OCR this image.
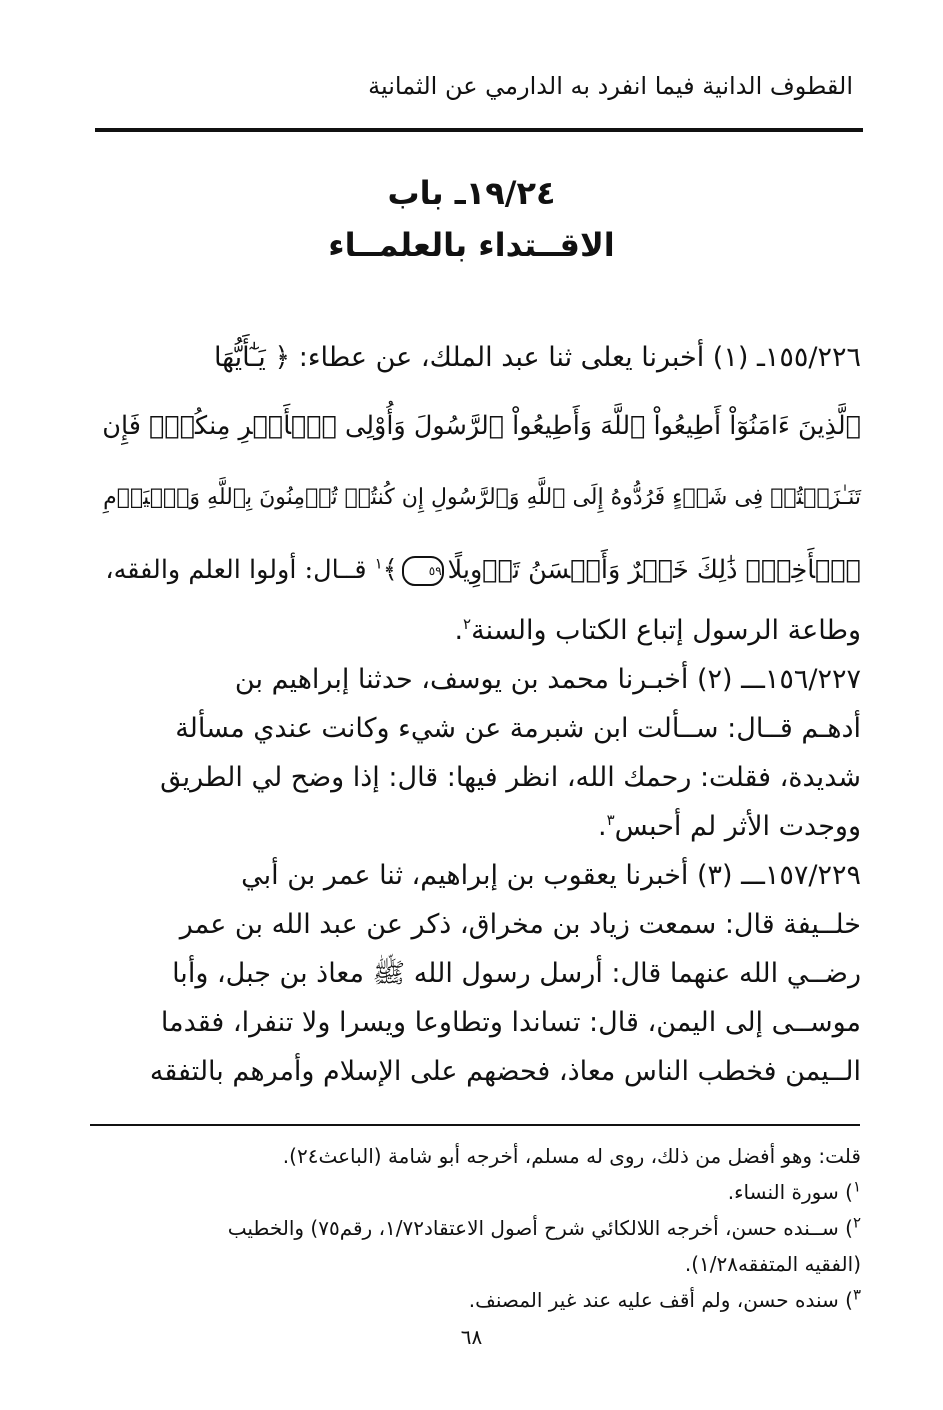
القطوف الدانية فيما انفرد به الدارمي عن الثمانية
١٩/٢٤ـ باب
الاقــتداء بالعلمــاء
١٥٥/٢٢٦ـ (١) أخبرنا يعلى ثنا عبد الملك، عن عطاء: ﴿ يَـٰٓأَيُّهَا
ٱلَّذِينَ ءَامَنُوٓاْ أَطِيعُواْ ٱللَّهَ وَأَطِيعُواْ ٱلرَّسُولَ وَأُوْلِى ٱلۡأَمۡرِ مِنكُمۡۖ فَإِن
تَنَـٰزَعۡتُمۡ فِى شَىۡءٍ فَرُدُّوهُ إِلَى ٱللَّهِ وَٱلرَّسُولِ إِن كُنتُمۡ تُؤۡمِنُونَ بِٱللَّهِ وَٱلۡيَوۡمِ
ٱلۡأَخِرِۚ ذَٰلِكَ خَيۡرٌ وَأَحۡسَنُ تَأۡوِيلًا٥٩﴾$^١$ قــال: أولوا العلم والفقه،
وطاعة الرسول إتباع الكتاب والسنة$^٢$.
١٥٦/٢٢٧ـــ (٢) أخبـرنا محمد بن يوسف، حدثنا إبراهيم بن
أدهـم قــال: ســألت ابن شبرمة عن شيء وكانت عندي مسألة
شديدة، فقلت: رحمك الله، انظر فيها: قال: إذا وضح لي الطريق
ووجدت الأثر لم أحبس$^٣$.
١٥٧/٢٢٩ـــ (٣) أخبرنا يعقوب بن إبراهيم، ثنا عمر بن أبي
خلــيفة قال: سمعت زياد بن مخراق، ذكر عن عبد الله بن عمر
رضــي الله عنهما قال: أرسل رسول الله ﷺ معاذ بن جبل، وأبا
موســى إلى اليمن، قال: تساندا وتطاوعا ويسرا ولا تنفرا، فقدما
الــيمن فخطب الناس معاذ، فحضهم على الإسلام وأمرهم بالتفقه
قلت: وهو أفضل من ذلك، روى له مسلم، أخرجه أبو شامة (الباعث٢٤).
$^١$) سورة النساء.
$^٢$) ســنده حسن، أخرجه اللالكائي شرح أصول الاعتقاد١/٧٢، رقم٧٥) والخطيب
(الفقيه المتفقه١/٢٨).
$^٣$) سنده حسن، ولم أقف عليه عند غير المصنف.
٦٨
